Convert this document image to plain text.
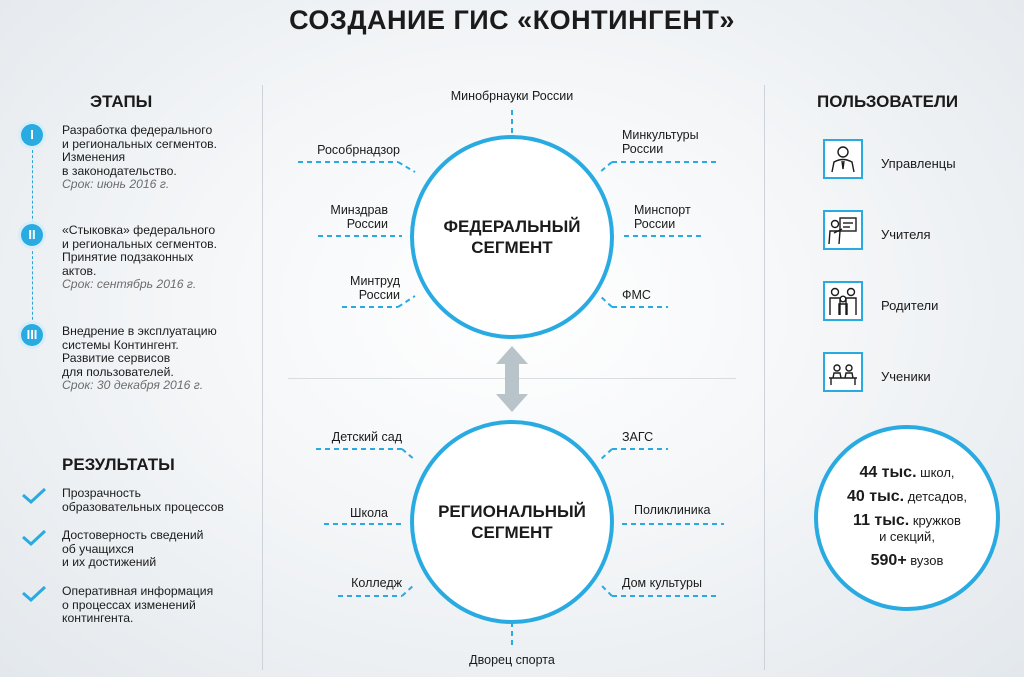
СОЗДАНИЕ ГИС «КОНТИНГЕНТ»
ЭТАПЫ
I	Разработка федерального
и региональных сегментов.
Изменения
в законодательство.
Срок: июнь 2016 г.
II	«Стыковка» федерального
и региональных сегментов.
Принятие подзаконных
актов.
Срок: сентябрь 2016 г.
III	Внедрение в эксплуатацию
системы Контингент.
Развитие сервисов
для пользователей.
Срок: 30 декабря 2016 г.
РЕЗУЛЬТАТЫ
Прозрачность
образовательных процессов
Достоверность сведений
об учащихся
и их достижений
Оперативная информация
о процессах изменений
контингента.
ФЕДЕРАЛЬНЫЙ
СЕГМЕНТ
РЕГИОНАЛЬНЫЙ
СЕГМЕНТ
Минобрнауки России
Рособрнадзор
Минздрав
России
Минтруд
России
Минкультуры
России
Минспорт
России
ФМС
Детский сад
Школа
Колледж
ЗАГС
Поликлиника
Дом культуры
Дворец спорта
ПОЛЬЗОВАТЕЛИ
Управленцы
Учителя
Родители
Ученики
44 тыс. школ,
40 тыс. детсадов,
11 тыс. кружков
и секций,
590+ вузов
